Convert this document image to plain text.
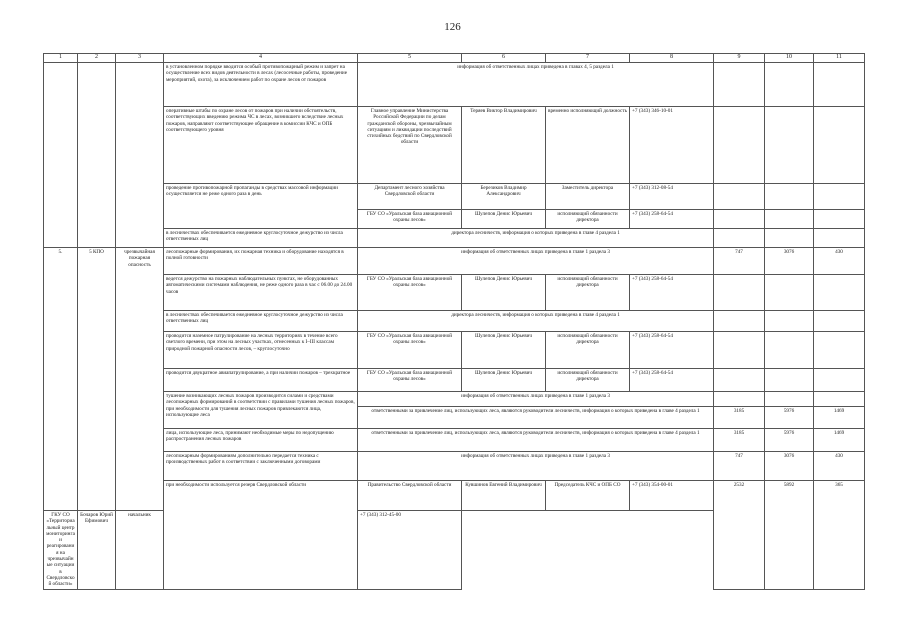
126
1	2	3	4	5	6	7	8	9	10	11
			в установленном порядке вводится особый противопожарный режим и запрет на осуществление всех видов деятельности в лесах (лесосечные работы, проведение мероприятий, охота), за исключением работ по охране лесов от пожаров	информация об ответственных лицах приведена в главах 4, 5 раздела 1						
			оперативные штабы по охране лесов от пожаров при наличии обстоятельств, соответствующих введению режима ЧС в лесах, возникшего вследствие лесных пожаров, направляют соответствующее обращение в комиссии КЧС и ОПБ соответствующего уровня	Главное управление Министерства Российской Федерации по делам гражданской обороны, чрезвычайным ситуациям и ликвидации последствий стихийных бедствий по Свердловской области	Теряев Виктор Владимирович	временно исполняющий должность	+7 (343) 346-10-01			
			проведение противопожарной пропаганды в средствах массовой информации осуществляется не реже одного раза в день	Департамент лесного хозяйства Свердловской области	Березиков Владимир Александрович	Заместитель директора	+7 (343) 312-08-54			
				ГБУ СО «Уральская база авиационной охраны лесов»	Шулепов Денис Юрьевич	исполняющий обязанности директора	+7 (343) 258-64-54			
			в лесничествах обеспечивается ежедневное круглосуточное дежурство из числа ответственных лиц	директора лесничеств, информация о которых приведена в главе 4 раздела 1						
5.	5 КПО	чрезвычайная пожарная опасность	лесопожарные формирования, их пожарная техника и оборудование находятся в полной готовности	информация об ответственных лицах приведена в главе 1 раздела 3				747	3076	430
			ведется дежурство на пожарных наблюдательных пунктах, не оборудованных автоматическими системами наблюдения, не реже одного раза в час с 06.00 до 24.00 часов	ГБУ СО «Уральская база авиационной охраны лесов»	Шулепов Денис Юрьевич	исполняющий обязанности директора	+7 (343) 258-64-54			
			в лесничествах обеспечивается ежедневное круглосуточное дежурство из числа ответственных лиц	директора лесничеств, информация о которых приведена в главе 4 раздела 1						
			проводится наземное патрулирование на лесных территориях в течение всего светлого времени, при этом на лесных участках, отнесенных к I–III классам природной пожарной опасности лесов, – круглосуточно	ГБУ СО «Уральская база авиационной охраны лесов»	Шулепов Денис Юрьевич	исполняющий обязанности директора	+7 (343) 258-64-54			
			проводится двукратное авиапатрулирование, а при наличии пожаров – трехкратное	ГБУ СО «Уральская база авиационной охраны лесов»	Шулепов Денис Юрьевич	исполняющий обязанности директора	+7 (343) 258-64-54			
			тушение возникающих лесных пожаров производится силами и средствами лесопожарных формирований в соответствии с правилами тушения лесных пожаров, при необходимости для тушения лесных пожаров привлекаются лица, использующие леса	информация об ответственных лицах приведена в главе 1 раздела 3						
				ответственными за привлечение лиц, использующих леса, являются руководители лесничеств, информация о которых приведена в главе 4 раздела 1				3185	5976	1469
			лица, использующие леса, принимают необходимые меры по недопущению распространения лесных пожаров	ответственными за привлечение лиц, использующих леса, являются руководители лесничеств, информация о которых приведена в главе 4 раздела 1				3185	5976	1469
			лесопожарным формированиям дополнительно передается техника с производственных работ в соответствии с заключенными договорами	информация об ответственных лицах приведена в главе 1 раздела 3				747	3076	430
			при необходимости используется резерв Свердловской области	Правительство Свердловской области	Кувшинов Евгений Владимирович	Председатель КЧС и ОПБ СО	+7 (343) 354-00-01	2532	5892	365
ГКУ СО «Территориальный центр мониторинга и реагирования на чрезвычайные ситуации в Свердловской области»	Бочаров Юрий Ефимович	начальник		+7 (343) 312-45-00						
